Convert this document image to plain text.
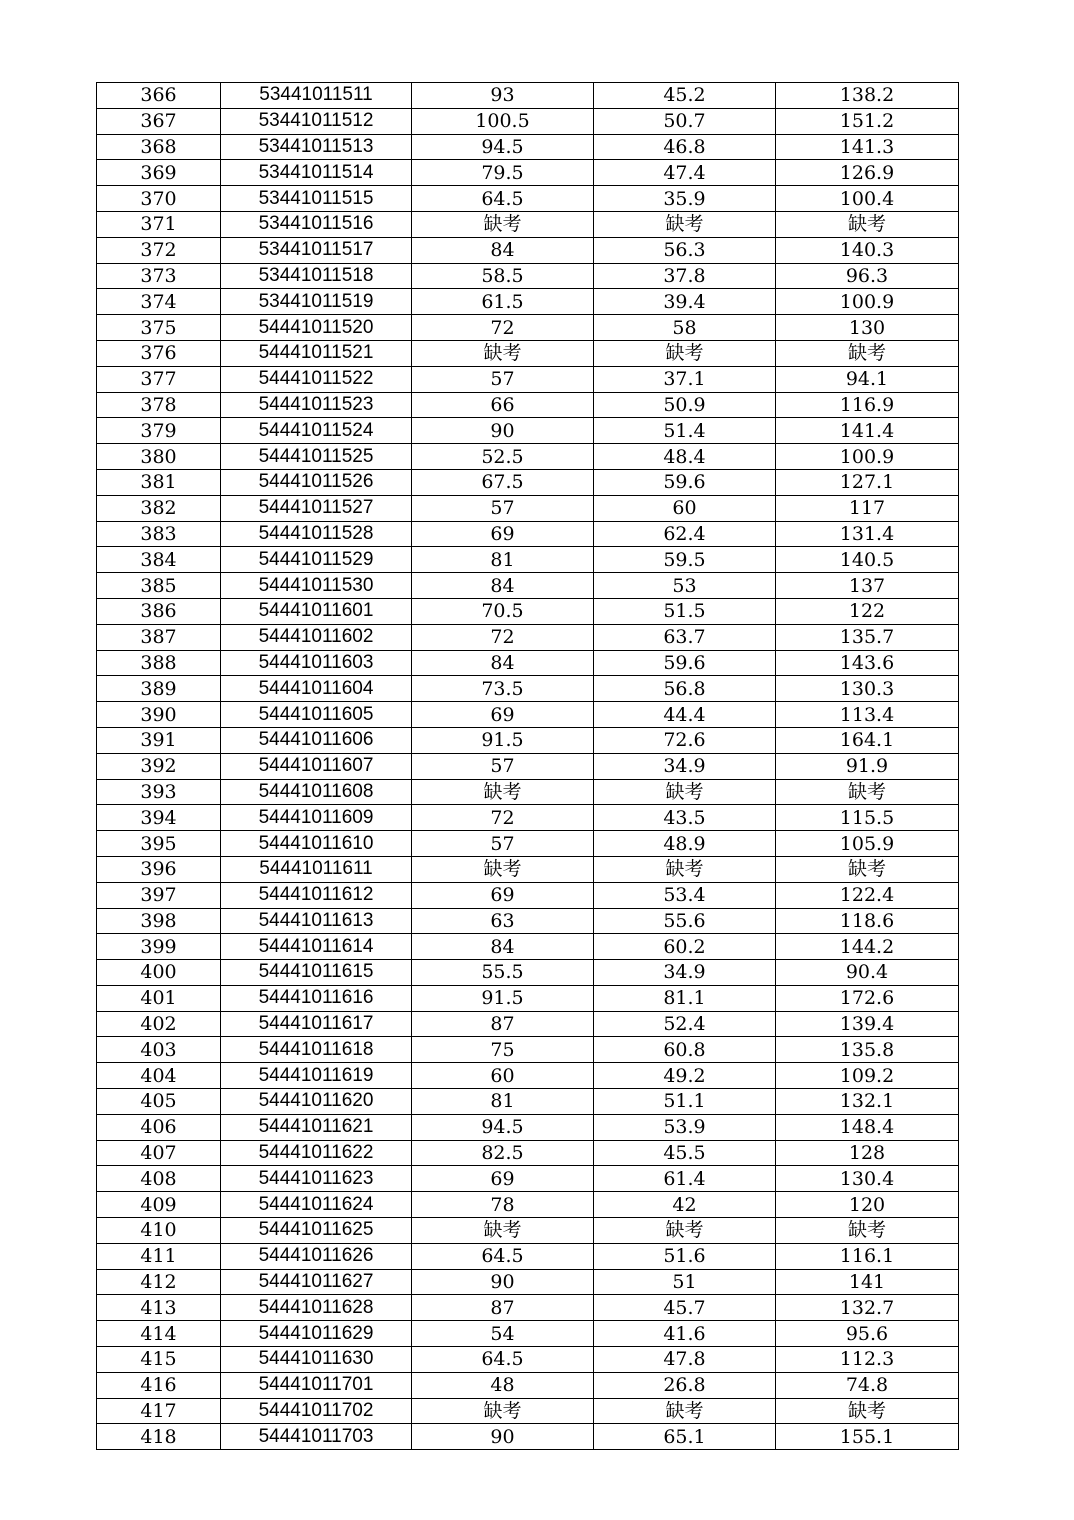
366	53441011511	93	45.2	138.2
367	53441011512	100.5	50.7	151.2
368	53441011513	94.5	46.8	141.3
369	53441011514	79.5	47.4	126.9
370	53441011515	64.5	35.9	100.4
371	53441011516	缺考	缺考	缺考
372	53441011517	84	56.3	140.3
373	53441011518	58.5	37.8	96.3
374	53441011519	61.5	39.4	100.9
375	54441011520	72	58	130
376	54441011521	缺考	缺考	缺考
377	54441011522	57	37.1	94.1
378	54441011523	66	50.9	116.9
379	54441011524	90	51.4	141.4
380	54441011525	52.5	48.4	100.9
381	54441011526	67.5	59.6	127.1
382	54441011527	57	60	117
383	54441011528	69	62.4	131.4
384	54441011529	81	59.5	140.5
385	54441011530	84	53	137
386	54441011601	70.5	51.5	122
387	54441011602	72	63.7	135.7
388	54441011603	84	59.6	143.6
389	54441011604	73.5	56.8	130.3
390	54441011605	69	44.4	113.4
391	54441011606	91.5	72.6	164.1
392	54441011607	57	34.9	91.9
393	54441011608	缺考	缺考	缺考
394	54441011609	72	43.5	115.5
395	54441011610	57	48.9	105.9
396	54441011611	缺考	缺考	缺考
397	54441011612	69	53.4	122.4
398	54441011613	63	55.6	118.6
399	54441011614	84	60.2	144.2
400	54441011615	55.5	34.9	90.4
401	54441011616	91.5	81.1	172.6
402	54441011617	87	52.4	139.4
403	54441011618	75	60.8	135.8
404	54441011619	60	49.2	109.2
405	54441011620	81	51.1	132.1
406	54441011621	94.5	53.9	148.4
407	54441011622	82.5	45.5	128
408	54441011623	69	61.4	130.4
409	54441011624	78	42	120
410	54441011625	缺考	缺考	缺考
411	54441011626	64.5	51.6	116.1
412	54441011627	90	51	141
413	54441011628	87	45.7	132.7
414	54441011629	54	41.6	95.6
415	54441011630	64.5	47.8	112.3
416	54441011701	48	26.8	74.8
417	54441011702	缺考	缺考	缺考
418	54441011703	90	65.1	155.1
